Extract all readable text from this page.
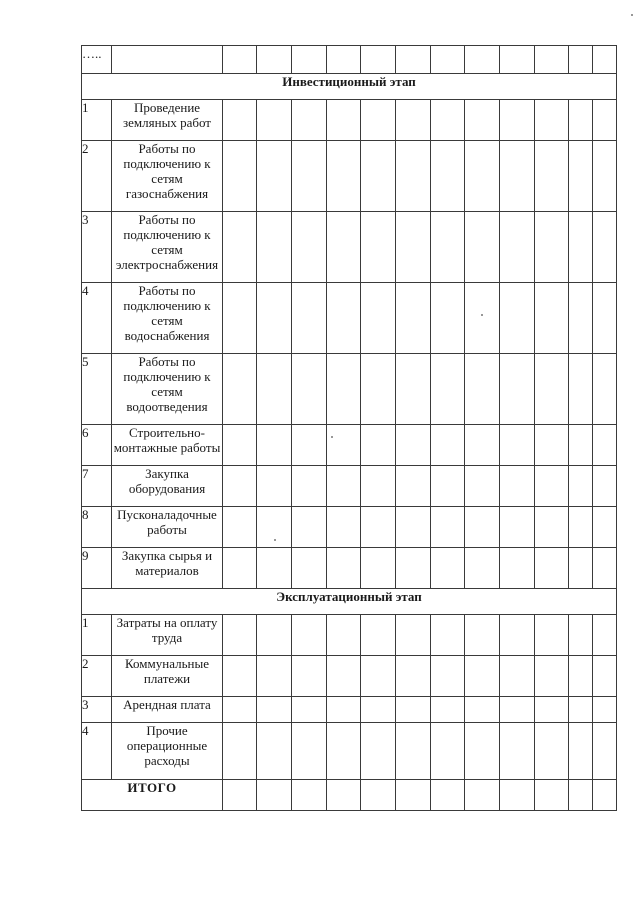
…..													
Инвестиционный этап													
1	Проведение земляных работ												
2	Работы по подключению к сетям газоснабжения												
3	Работы по подключению к сетям электроснабжения												
4	Работы по подключению к сетям водоснабжения												
5	Работы по подключению к сетям водоотведения												
6	Строительно-монтажные работы												
7	Закупка оборудования												
8	Пусконаладочные работы												
9	Закупка сырья и материалов												
Эксплуатационный этап													
1	Затраты на оплату труда												
2	Коммунальные платежи												
3	Арендная плата												
4	Прочие операционные расходы												
ИТОГО													
